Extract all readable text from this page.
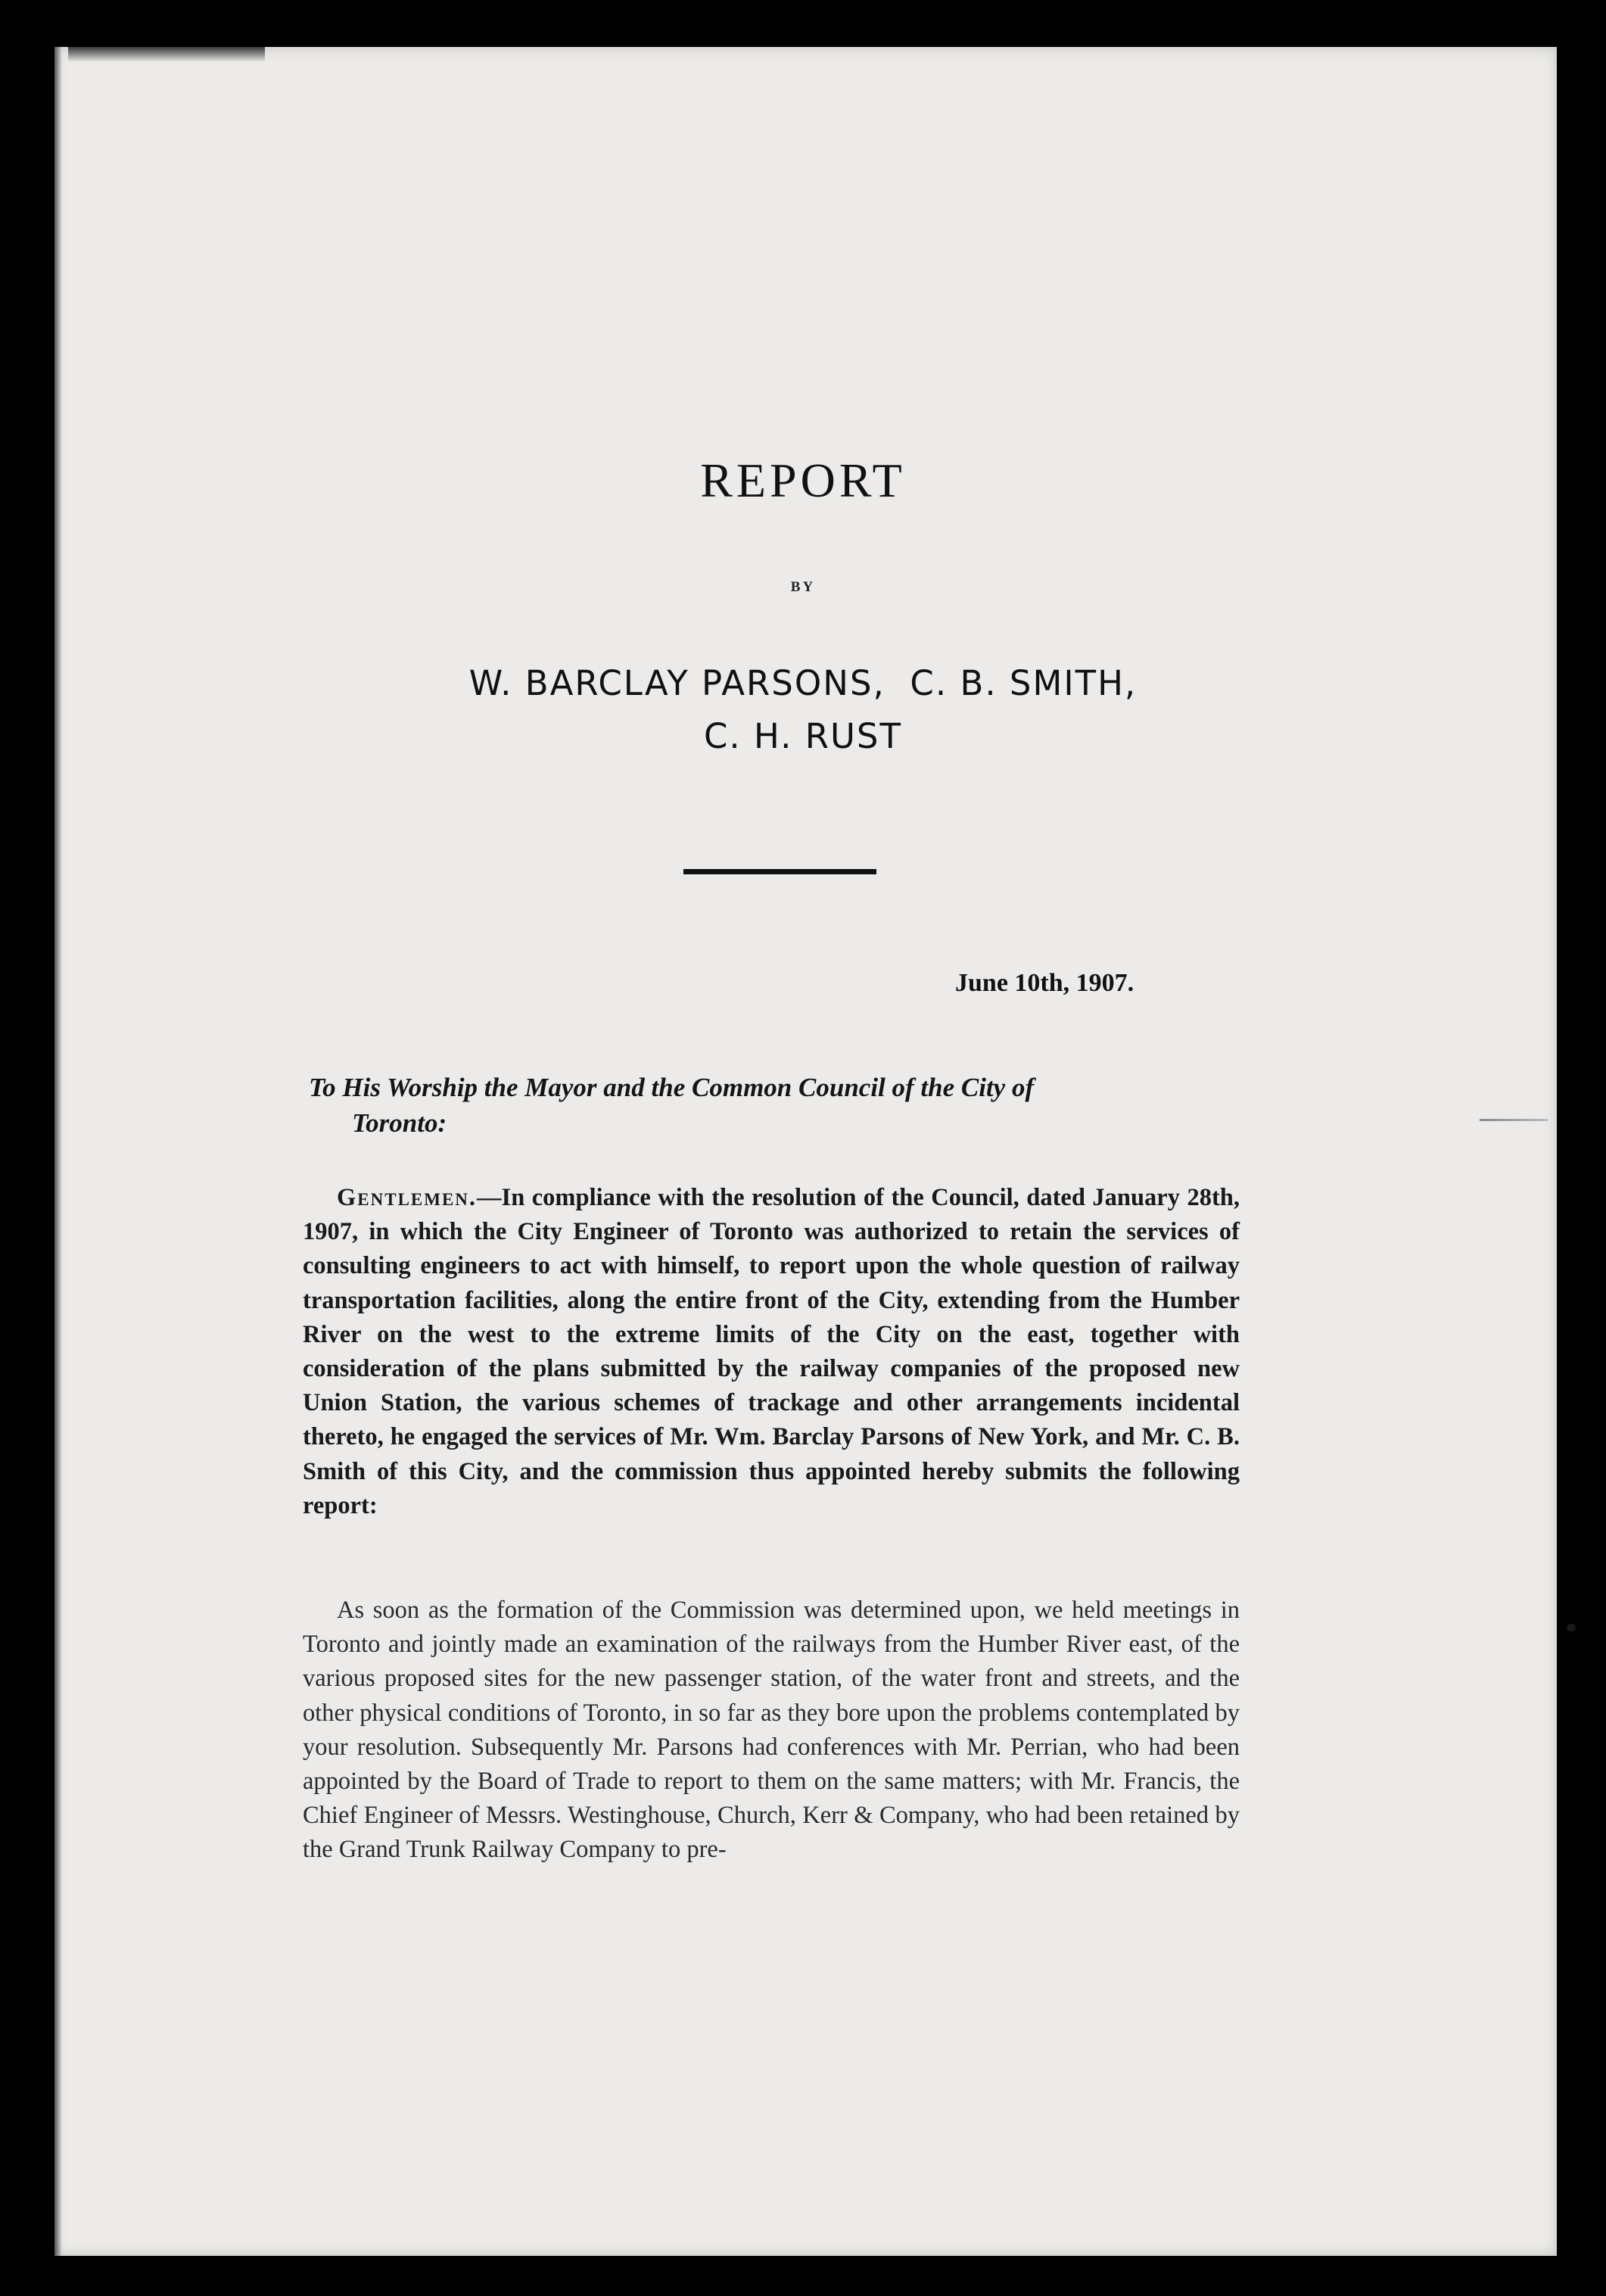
REPORT
BY
W. BARCLAY PARSONS,  C. B. SMITH,
C. H. RUST
June 10th, 1907.
To His Worship the Mayor and the Common Council of the City of
Toronto:

Gentlemen.—In compliance with the resolution of the Council, dated January 28th, 1907, in which the City Engineer of Toronto was authorized to retain the services of consulting engineers to act with himself, to report upon the whole question of railway transportation facilities, along the entire front of the City, extending from the Humber River on the west to the extreme limits of the City on the east, together with consideration of the plans submitted by the railway companies of the proposed new Union Station, the various schemes of trackage and other arrangements incidental thereto, he engaged the services of Mr. Wm. Barclay Parsons of New York, and Mr. C. B. Smith of this City, and the commission thus appointed hereby submits the following report:

As soon as the formation of the Commission was determined upon, we held meetings in Toronto and jointly made an examination of the railways from the Humber River east, of the various proposed sites for the new passenger station, of the water front and streets, and the other physical conditions of Toronto, in so far as they bore upon the problems contemplated by your resolution. Subsequently Mr. Parsons had conferences with Mr. Perrian, who had been appointed by the Board of Trade to report to them on the same matters; with Mr. Francis, the Chief Engineer of Messrs. Westinghouse, Church, Kerr & Company, who had been retained by the Grand Trunk Railway Company to pre-
